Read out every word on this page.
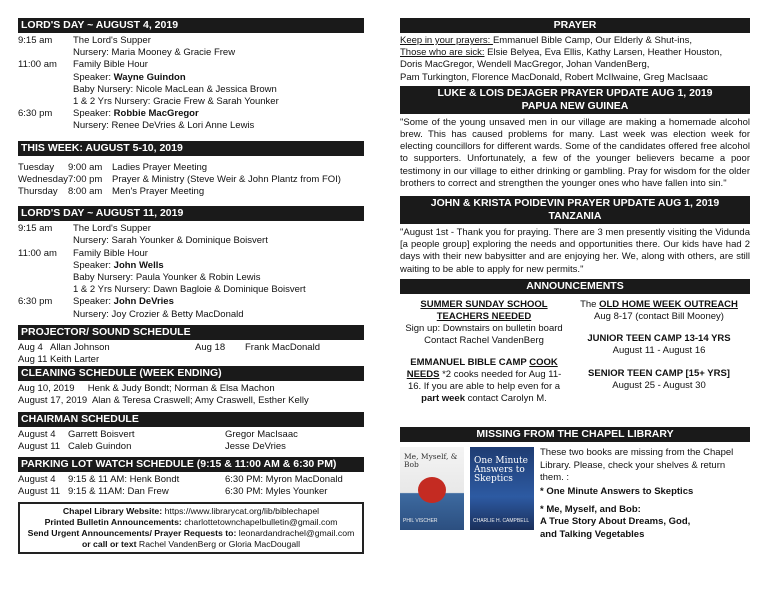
LORD'S DAY ~ AUGUST 4, 2019
9:15 am	The Lord's Supper
Nursery: Maria Mooney & Gracie Frew
11:00 am	Family Bible Hour
Speaker: Wayne Guindon
Baby Nursery: Nicole MacLean & Jessica Brown
1 & 2 Yrs Nursery: Gracie Frew & Sarah Younker
6:30 pm	Speaker: Robbie MacGregor
Nursery: Renee DeVries & Lori Anne Lewis
THIS WEEK: AUGUST 5-10, 2019
Tuesday	9:00 am	Ladies Prayer Meeting
Wednesday 7:00 pm	Prayer & Ministry (Steve Weir & John Plantz from FOI)
Thursday	8:00 am	Men's Prayer Meeting
LORD'S DAY ~ AUGUST 11, 2019
9:15 am	The Lord's Supper
Nursery: Sarah Younker & Dominique Boisvert
11:00 am	Family Bible Hour
Speaker: John Wells
Baby Nursery: Paula Younker & Robin Lewis
1 & 2 Yrs Nursery: Dawn Bagloie & Dominique Boisvert
6:30 pm	Speaker: John DeVries
Nursery: Joy Crozier & Betty MacDonald
PROJECTOR/ SOUND SCHEDULE
Aug 4 Allan Johnson	Aug 18	Frank MacDonald
Aug 11 Keith Larter
CLEANING SCHEDULE (WEEK ENDING)
Aug 10, 2019     Henk & Judy Bondt; Norman & Elsa Machon
August 17, 2019  Alan & Teresa Craswell; Amy Craswell, Esther Kelly
CHAIRMAN SCHEDULE
August 4	Garrett Boisvert	Gregor MacIsaac
August 11 Caleb Guindon	Jesse DeVries
PARKING LOT WATCH SCHEDULE (9:15 & 11:00 AM & 6:30 PM)
August 4	9:15 & 11 AM: Henk Bondt	6:30 PM: Myron MacDonald
August 11 9:15 & 11AM: Dan Frew	6:30 PM: Myles Younker
Chapel Library Website: https://www.librarycat.org/lib/biblechapel
Printed Bulletin Announcements: charlottetownchapelbulletin@gmail.com
Send Urgent Announcements/ Prayer Requests to: leonardandrachel@gmail.com
or call or text Rachel VandenBerg or Gloria MacDougall
PRAYER
Keep in your prayers: Emmanuel Bible Camp, Our Elderly & Shut-ins,
Those who are sick: Elsie Belyea, Eva Ellis, Kathy Larsen, Heather Houston,
Doris MacGregor, Wendell MacGregor, Johan VandenBerg,
Pam Turkington, Florence MacDonald, Robert McIlwaine, Greg MacIsaac
LUKE & LOIS DEJAGER PRAYER UPDATE AUG 1, 2019
PAPUA NEW GUINEA
"Some of the young unsaved men in our village are making a homemade alcohol brew. This has caused problems for many. Last week was election week for electing councillors for different wards. Some of the candidates offered free alcohol to supporters. Unfortunately, a few of the younger believers became a poor testimony in our village to either drinking or gambling. Pray for wisdom for the older brothers to correct and strengthen the younger ones who have fallen into sin."
JOHN & KRISTA POIDEVIN PRAYER UPDATE AUG 1, 2019
TANZANIA
"August 1st - Thank you for praying. There are 3 men presently visiting the Vidunda [a people group] exploring the needs and opportunities there. Our kids have had 2 days with their new babysitter and are enjoying her. We, along with others, are still waiting to be able to apply for new permits."
ANNOUNCEMENTS
SUMMER SUNDAY SCHOOL
TEACHERS NEEDED
Sign up: Downstairs on bulletin board
Contact Rachel VandenBerg
EMMANUEL BIBLE CAMP COOK
NEEDS *2 cooks needed for Aug 11-
16. If you are able to help even for a
part week contact Carolyn M.
The OLD HOME WEEK OUTREACH
Aug 8-17 (contact Bill Mooney)
JUNIOR TEEN CAMP 13-14 YRS
August 11 - August 16
SENIOR TEEN CAMP [15+ YRS]
August 25 - August 30
MISSING FROM THE CHAPEL LIBRARY
Me, Myself, & Bob
PHIL VISCHER
One Minute Answers to Skeptics
CHARLIE H. CAMPBELL
These two books are missing from the Chapel Library. Please, check your shelves & return them. :
* One Minute Answers to Skeptics
* Me, Myself, and Bob:
A True Story About Dreams, God,
and Talking Vegetables
